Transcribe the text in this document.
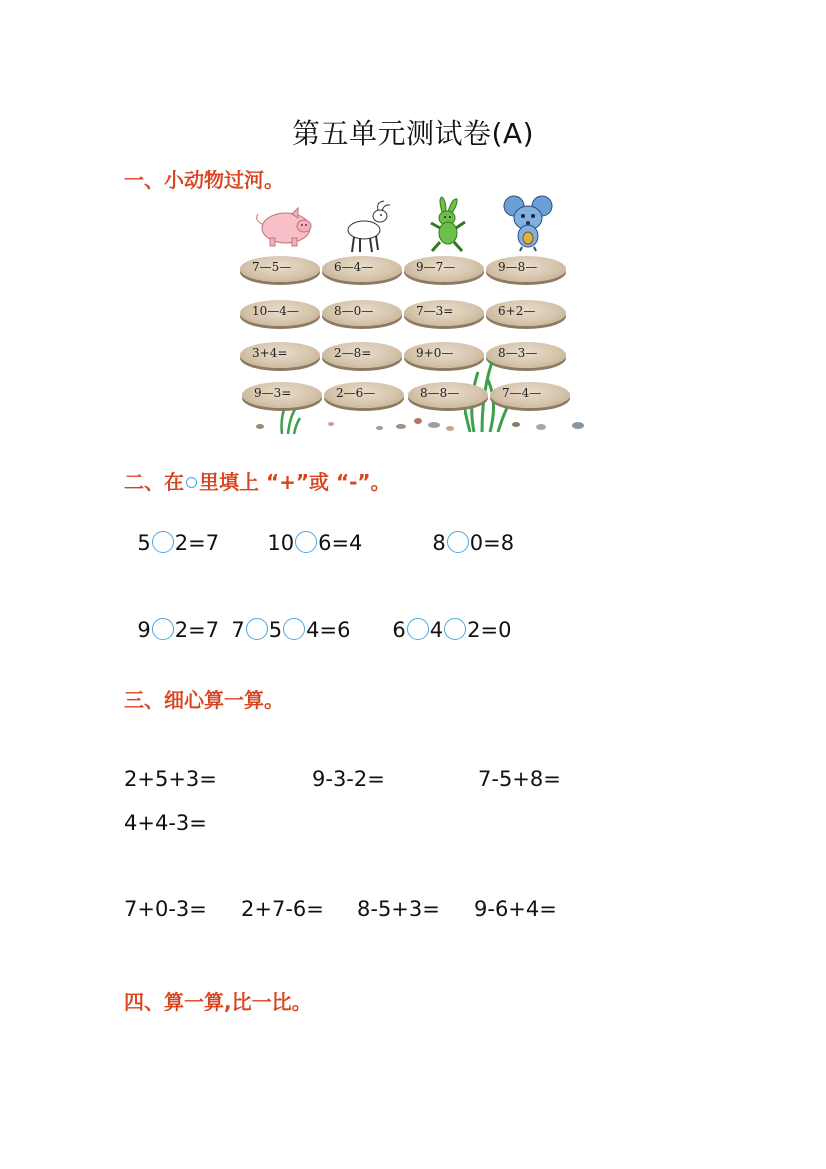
第五单元测试卷(A)
一、小动物过河。
7—5—	6—4—	9—7—	9—8—
10—4—	8—0—	7—3=	6+2—
3+4=	2—8=	9+0—	8—3—
9—3=	2—6—	8—8—	7—4—
二、在 里填上 “+”或 “-”。

5 2=7	10 6=4	8 0=8

9 2=7 7 5 4=6	6 4 2=0

三、细心算一算。
2+5+3=	9-3-2=	7-5+8=
4+4-3=
7+0-3= 2+7-6= 8-5+3= 9-6+4=
四、算一算,比一比。
